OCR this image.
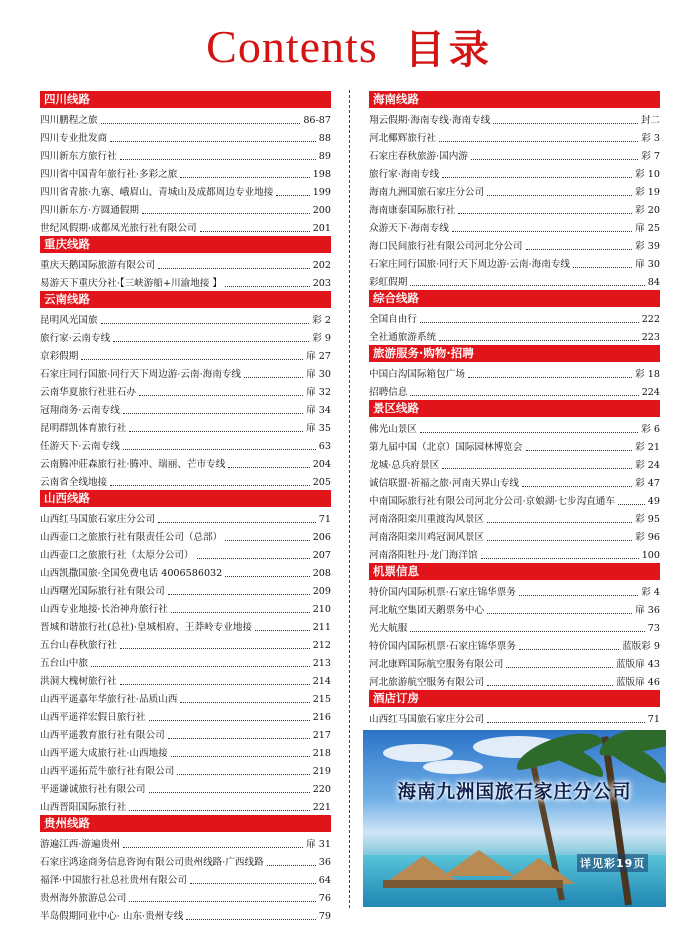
Contents 目录
四川线路
四川鹏程之旅	86-87
四川专业批发商	88
四川新东方旅行社	89
四川省中国青年旅行社·多彩之旅	198
四川省青旅·九寨、峨眉山、青城山及成都周边专业地接	199
四川新东方·方圆通假期	200
世纪风假期·成都凤光旅行社有限公司	201
重庆线路
重庆天鹅国际旅游有限公司	202
易游天下重庆分社·【三峡游船+川渝地接 】	203
云南线路
昆明风光国旅	彩 2
旅行家·云南专线	彩 9
京彩假期	扉 27
石家庄同行国旅·同行天下周边游·云南·海南专线	扉 30
云南华夏旅行社驻石办	扉 32
冠翔商务·云南专线	扉 34
昆明群凯体育旅行社	扉 35
任游天下·云南专线	63
云南腾冲莊森旅行社·腾冲、瑞丽、芒市专线	204
云南省全线地接	205
山西线路
山西红马国旅石家庄分公司	71
山西壶口之旅旅行社有限责任公司（总部）	206
山西壶口之旅旅行社（太原分公司）	207
山西凯撒国旅·全国免费电话 4006586032	208
山西曙光国际旅行社有限公司	209
山西专业地接·长治神舟旅行社	210
晋城和谐旅行社(总社)·皇城相府、王莽岭专业地接	211
五台山春秋旅行社	212
五台山中旅	213
洪洞大槐树旅行社	214
山西平遥嘉年华旅行社·品质山西	215
山西平遥祥宏假日旅行社	216
山西平遥教育旅行社有限公司	217
山西平遥大成旅行社·山西地接	218
山西平遥拓荒牛旅行社有限公司	219
平遥谦诚旅行社有限公司	220
山西晋阳国际旅行社	221
贵州线路
游遍江西·游遍贵州	扉 31
石家庄鸿途商务信息咨询有限公司贵州线路·广西线路	36
福泽·中国旅行社总社贵州有限公司	64
贵州海外旅游总公司	76
半岛假期同业中心· 山东·贵州专线	79
海南线路
翔云假期·海南专线·海南专线	封二
河北椰辉旅行社	彩 3
石家庄春秋旅游·国内游	彩 7
旅行家·海南专线	彩 10
海南九洲国旅石家庄分公司	彩 19
海南康泰国际旅行社	彩 20
众游天下·海南专线	扉 25
海口民间旅行社有限公司河北分公司	彩 39
石家庄同行国旅·同行天下周边游·云南·海南专线	扉 30
彩虹假期	84
综合线路
全国自由行	222
全社通旅游系统	223
旅游服务·购物·招聘
中国白沟国际箱包广场	彩 18
招聘信息	224
景区线路
佛光山景区	彩 6
第九届中国（北京）国际园林博览会	彩 21
龙城·总兵府景区	彩 24
诚信联盟·祈福之旅·河南天界山专线	彩 47
中南国际旅行社有限公司河北分公司·京娘湖·七步沟直通车	49
河南洛阳栾川重渡沟风景区	彩 95
河南洛阳栾川鸡冠洞风景区	彩 96
河南洛阳牡丹·龙门海洋馆	100
机票信息
特价国内国际机票·石家庄锦华票务	彩 4
河北航空集团天鹅票务中心	扉 36
光大航服	73
特价国内国际机票·石家庄锦华票务	蓝版彩 9
河北康辉国际航空服务有限公司	蓝版扉 43
河北旅游航空服务有限公司	蓝版扉 46
酒店订房
山西红马国旅石家庄分公司	71
海南九洲国旅石家庄分公司
详见彩19页
